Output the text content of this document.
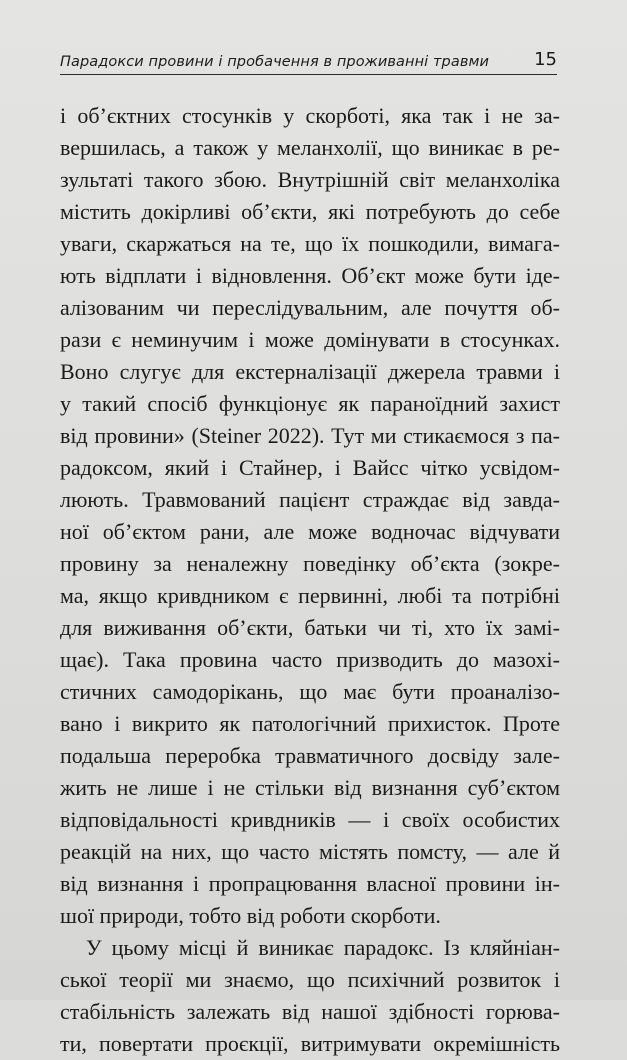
Парадокси провини і пробачення в проживанні травми	15
і об’єктних стосунків у скорботі, яка так і не за-
вершилась, а також у меланхолії, що виникає в ре-
зультаті такого збою. Внутрішній світ меланхоліка
містить докірливі об’єкти, які потребують до себе
уваги, скаржаться на те, що їх пошкодили, вимага-
ють відплати і відновлення. Об’єкт може бути іде-
алізованим чи переслідувальним, але почуття об-
рази є неминучим і може домінувати в стосунках.
Воно слугує для екстерналізації джерела травми і
у такий спосіб функціонує як параноїдний захист
від провини» (Steiner 2022). Тут ми стикаємося з па-
радоксом, який і Стайнер, і Вайсс чітко усвідом-
люють. Травмований пацієнт страждає від завда-
ної об’єктом рани, але може водночас відчувати
провину за неналежну поведінку об’єкта (зокре-
ма, якщо кривдником є первинні, любі та потрібні
для виживання об’єкти, батьки чи ті, хто їх замі-
щає). Така провина часто призводить до мазохі-
стичних самодорікань, що має бути проаналізо-
вано і викрито як патологічний прихисток. Проте
подальша переробка травматичного досвіду зале-
жить не лише і не стільки від визнання суб’єктом
відповідальності кривдників — і своїх особистих
реакцій на них, що часто містять помсту, — але й
від визнання і пропрацювання власної провини ін-
шої природи, тобто від роботи скорботи.
У цьому місці й виникає парадокс. Із кляйніан-
ської теорії ми знаємо, що психічний розвиток і
стабільність залежать від нашої здібності горюва-
ти, повертати проєкції, витримувати окремішність
